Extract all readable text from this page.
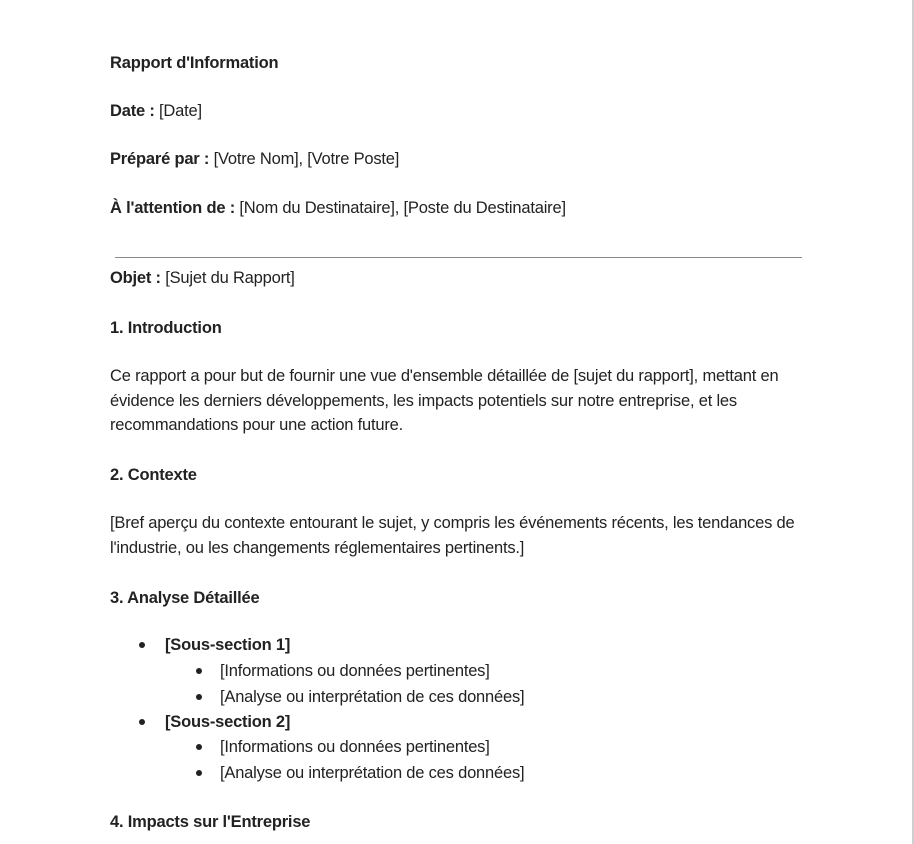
Rapport d'Information
Date : [Date]
Préparé par : [Votre Nom], [Votre Poste]
À l'attention de : [Nom du Destinataire], [Poste du Destinataire]
Objet : [Sujet du Rapport]
1. Introduction
Ce rapport a pour but de fournir une vue d'ensemble détaillée de [sujet du rapport], mettant en évidence les derniers développements, les impacts potentiels sur notre entreprise, et les recommandations pour une action future.
2. Contexte
[Bref aperçu du contexte entourant le sujet, y compris les événements récents, les tendances de l'industrie, ou les changements réglementaires pertinents.]
3. Analyse Détaillée
[Sous-section 1]
[Informations ou données pertinentes]
[Analyse ou interprétation de ces données]
[Sous-section 2]
[Informations ou données pertinentes]
[Analyse ou interprétation de ces données]
4. Impacts sur l'Entreprise
